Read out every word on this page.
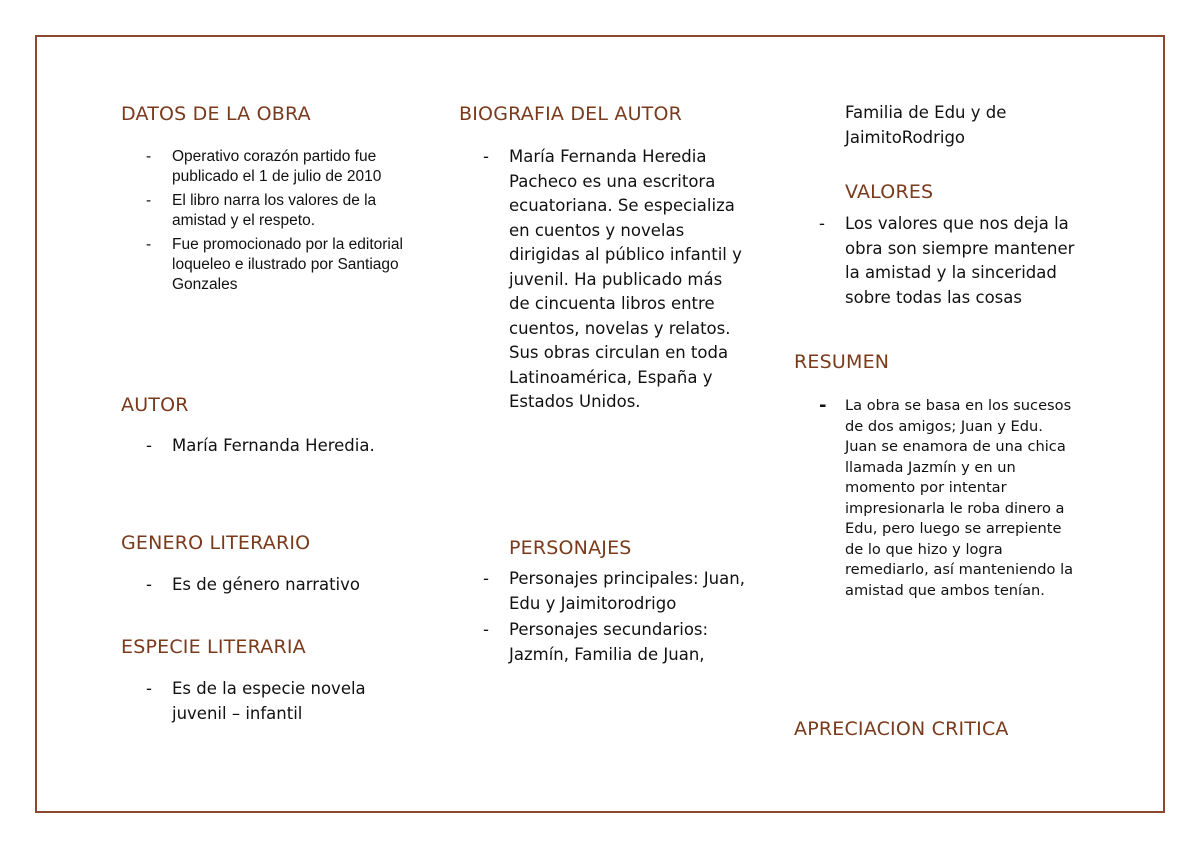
DATOS DE LA OBRA
- Operativo corazón partido fue publicado el 1 de julio de 2010
- El libro narra los valores de la amistad y el respeto.
- Fue promocionado por la editorial loqueleo e ilustrado por Santiago Gonzales
AUTOR
- María Fernanda Heredia.
GENERO LITERARIO
- Es de género narrativo
ESPECIE LITERARIA
- Es de la especie novela juvenil – infantil
BIOGRAFIA DEL AUTOR
- María Fernanda Heredia Pacheco es una escritora ecuatoriana. Se especializa en cuentos y novelas dirigidas al público infantil y juvenil. Ha publicado más de cincuenta libros entre cuentos, novelas y relatos. Sus obras circulan en toda Latinoamérica, España y Estados Unidos.
PERSONAJES
- Personajes principales: Juan, Edu y Jaimitorodrigo
- Personajes secundarios: Jazmín, Familia de Juan,
Familia de Edu y de JaimitoRodrigo
VALORES
- Los valores que nos deja la obra son siempre mantener la amistad y la sinceridad sobre todas las cosas
RESUMEN
- La obra se basa en los sucesos de dos amigos; Juan y Edu. Juan se enamora de una chica llamada Jazmín y en un momento por intentar impresionarla le roba dinero a Edu, pero luego se arrepiente de lo que hizo y logra remediarlo, así manteniendo la amistad que ambos tenían.
APRECIACION CRITICA
